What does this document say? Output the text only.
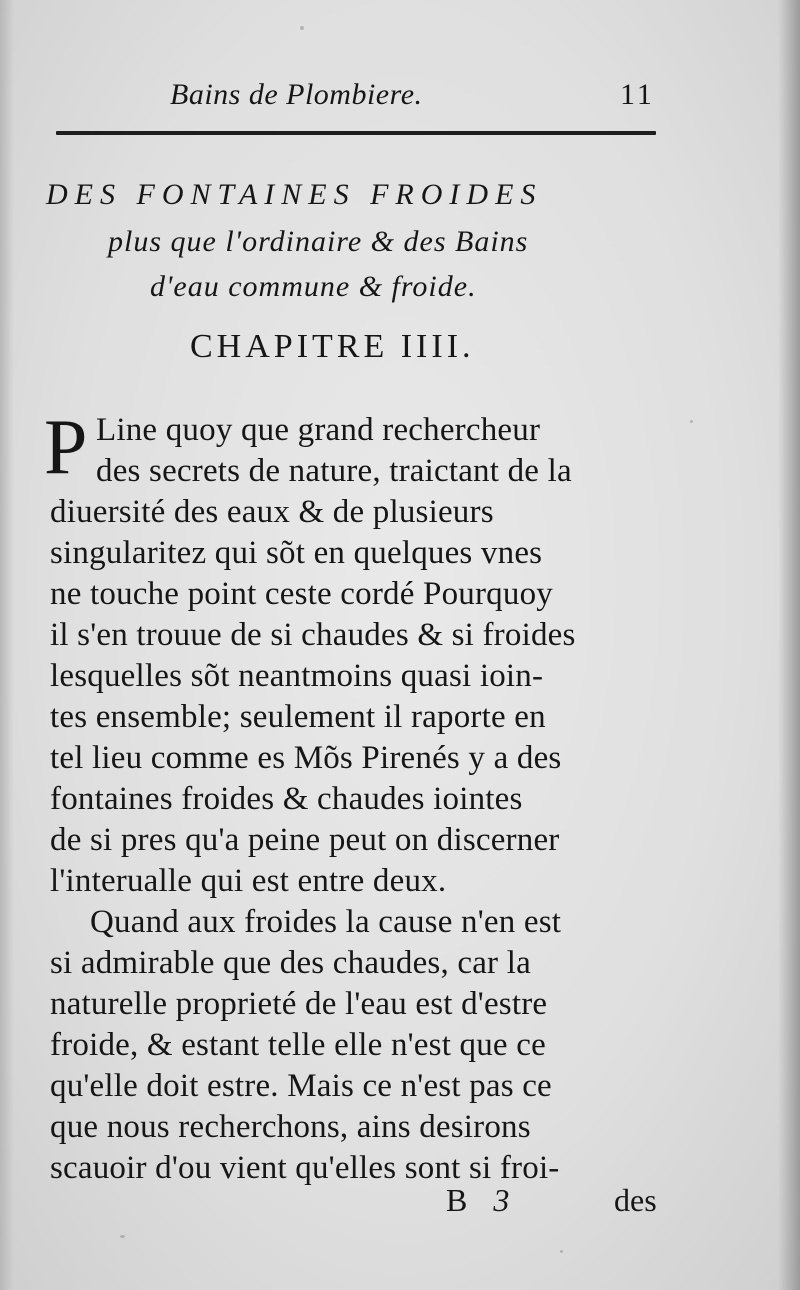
Bains de Plombiere.	11
DES FONTAINES FROIDES
plus que l'ordinaire & des Bains
d'eau commune & froide.
CHAPITRE IIII.
P Line quoy que grand rechercheur
des secrets de nature, traictant de la
diuersité des eaux & de plusieurs
singularitez qui sõt en quelques vnes
ne touche point ceste cordé Pourquoy
il s'en trouue de si chaudes & si froides
lesquelles sõt neantmoins quasi ioin-
tes ensemble; seulement il raporte en
tel lieu comme es Mõs Pirenés y a des
fontaines froides & chaudes iointes
de si pres qu'a peine peut on discerner
l'interualle qui est entre deux.
Quand aux froides la cause n'en est
si admirable que des chaudes, car la
naturelle proprieté de l'eau est d'estre
froide, & estant telle elle n'est que ce
qu'elle doit estre. Mais ce n'est pas ce
que nous recherchons, ains desirons
scauoir d'ou vient qu'elles sont si froi-
B 3	des
